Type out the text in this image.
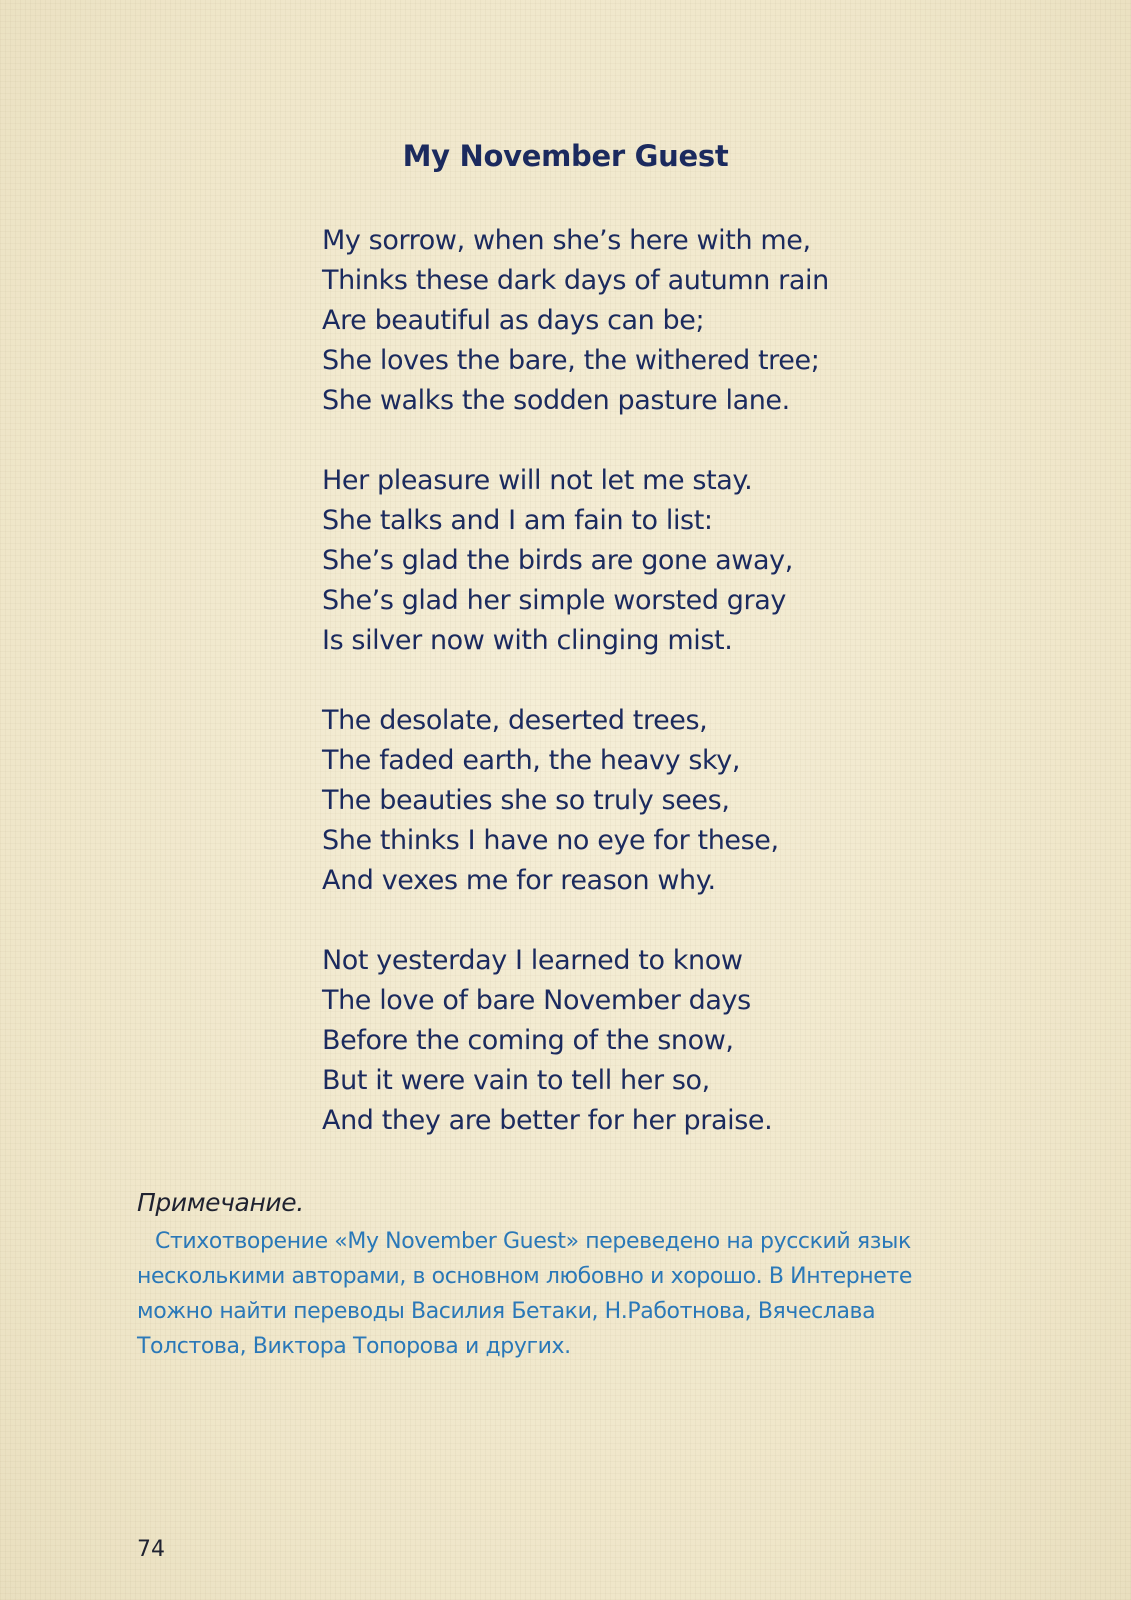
My November Guest
My sorrow, when she’s here with me,
Thinks these dark days of autumn rain
Are beautiful as days can be;
She loves the bare, the withered tree;
She walks the sodden pasture lane.
Her pleasure will not let me stay.
She talks and I am fain to list:
She’s glad the birds are gone away,
She’s glad her simple worsted gray
Is silver now with clinging mist.
The desolate, deserted trees,
The faded earth, the heavy sky,
The beauties she so truly sees,
She thinks I have no eye for these,
And vexes me for reason why.
Not yesterday I learned to know
The love of bare November days
Before the coming of the snow,
But it were vain to tell her so,
And they are better for her praise.
Примечание.

Стихотворение «My November Guest» переведено на русский язык несколькими авторами, в основном любовно и хорошо. В Интернете можно найти переводы Василия Бетаки, Н.Работнова, Вячеслава Толстова, Виктора Топорова и других.

74
